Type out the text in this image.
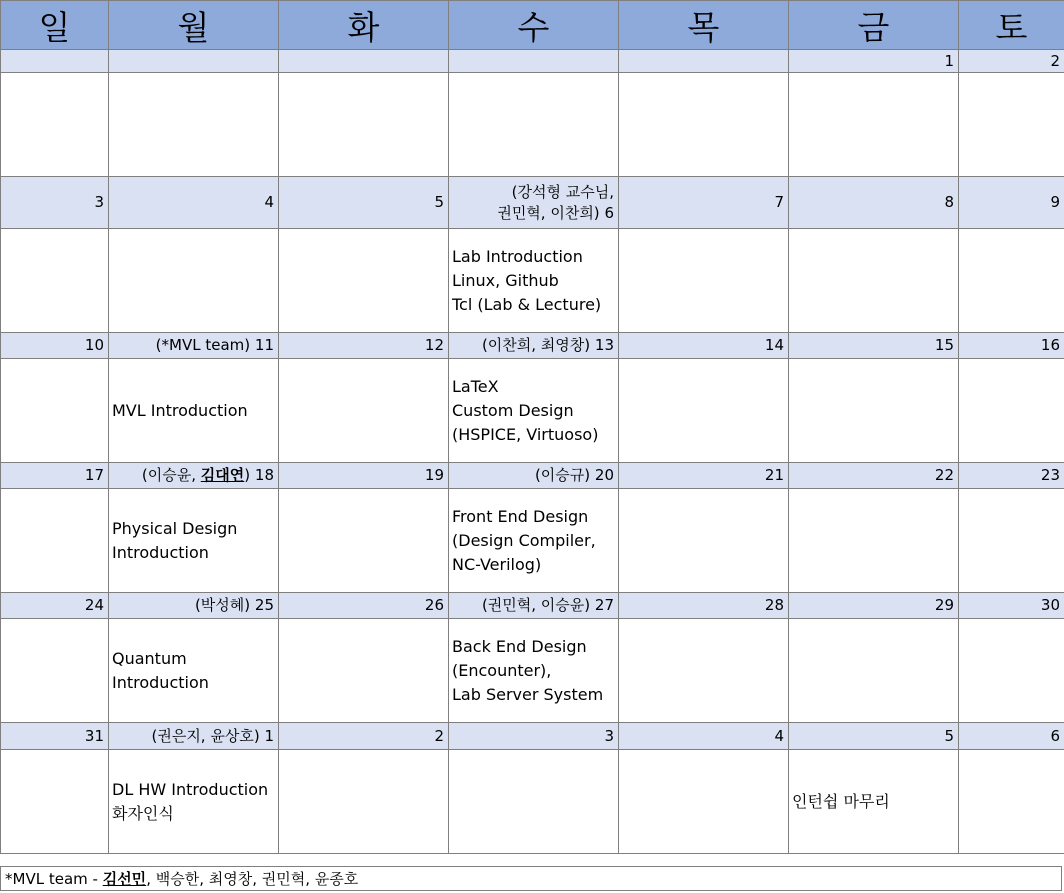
일	월	화	수	목	금	토
					1	2

3	4	5	(강석형 교수님,
권민혁, 이찬희) 6	7	8	9
			Lab Introduction
Linux, Github
Tcl (Lab & Lecture)			
10	(*MVL team) 11	12	(이찬희, 최영창) 13	14	15	16
	MVL Introduction		LaTeX
Custom Design
(HSPICE, Virtuoso)			
17	(이승윤, 김대연) 18	19	(이승규) 20	21	22	23
	Physical Design
Introduction		Front End Design
(Design Compiler,
NC-Verilog)			
24	(박성혜) 25	26	(권민혁, 이승윤) 27	28	29	30
	Quantum
Introduction		Back End Design
(Encounter),
Lab Server System			
31	(권은지, 윤상호) 1	2	3	4	5	6
	DL HW Introduction
화자인식				인턴쉽 마무리	
*MVL team - 김선민, 백승한, 최영창, 권민혁, 윤종호
